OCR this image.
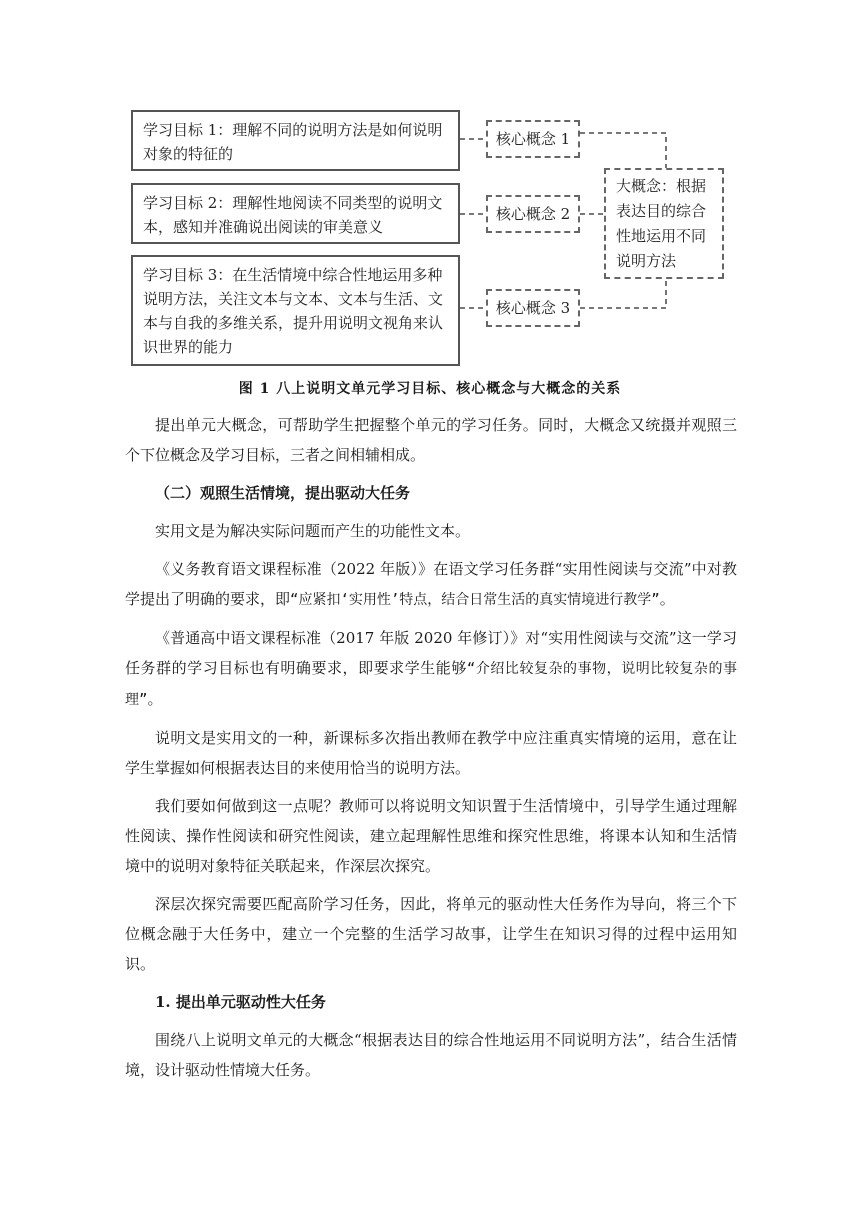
学习目标 1：理解不同的说明方法是如何说明对象的特征的
学习目标 2：理解性地阅读不同类型的说明文本，感知并准确说出阅读的审美意义
学习目标 3：在生活情境中综合性地运用多种说明方法，关注文本与文本、文本与生活、文本与自我的多维关系，提升用说明文视角来认识世界的能力
核心概念 1
核心概念 2
核心概念 3
大概念：根据表达目的综合性地运用不同说明方法
图 1 八上说明文单元学习目标、核心概念与大概念的关系

提出单元大概念，可帮助学生把握整个单元的学习任务。同时，大概念又统摄并观照三个下位概念及学习目标，三者之间相辅相成。

（二）观照生活情境，提出驱动大任务

实用文是为解决实际问题而产生的功能性文本。

《义务教育语文课程标准（2022 年版）》在语文学习任务群“实用性阅读与交流”中对教学提出了明确的要求，即“应紧扣‘实用性’特点，结合日常生活的真实情境进行教学”。

《普通高中语文课程标准（2017 年版 2020 年修订）》对“实用性阅读与交流”这一学习任务群的学习目标也有明确要求，即要求学生能够“介绍比较复杂的事物，说明比较复杂的事理”。

说明文是实用文的一种，新课标多次指出教师在教学中应注重真实情境的运用，意在让学生掌握如何根据表达目的来使用恰当的说明方法。

我们要如何做到这一点呢？教师可以将说明文知识置于生活情境中，引导学生通过理解性阅读、操作性阅读和研究性阅读，建立起理解性思维和探究性思维，将课本认知和生活情境中的说明对象特征关联起来，作深层次探究。

深层次探究需要匹配高阶学习任务，因此，将单元的驱动性大任务作为导向，将三个下位概念融于大任务中，建立一个完整的生活学习故事，让学生在知识习得的过程中运用知识。

1. 提出单元驱动性大任务

围绕八上说明文单元的大概念“根据表达目的综合性地运用不同说明方法”，结合生活情境，设计驱动性情境大任务。
